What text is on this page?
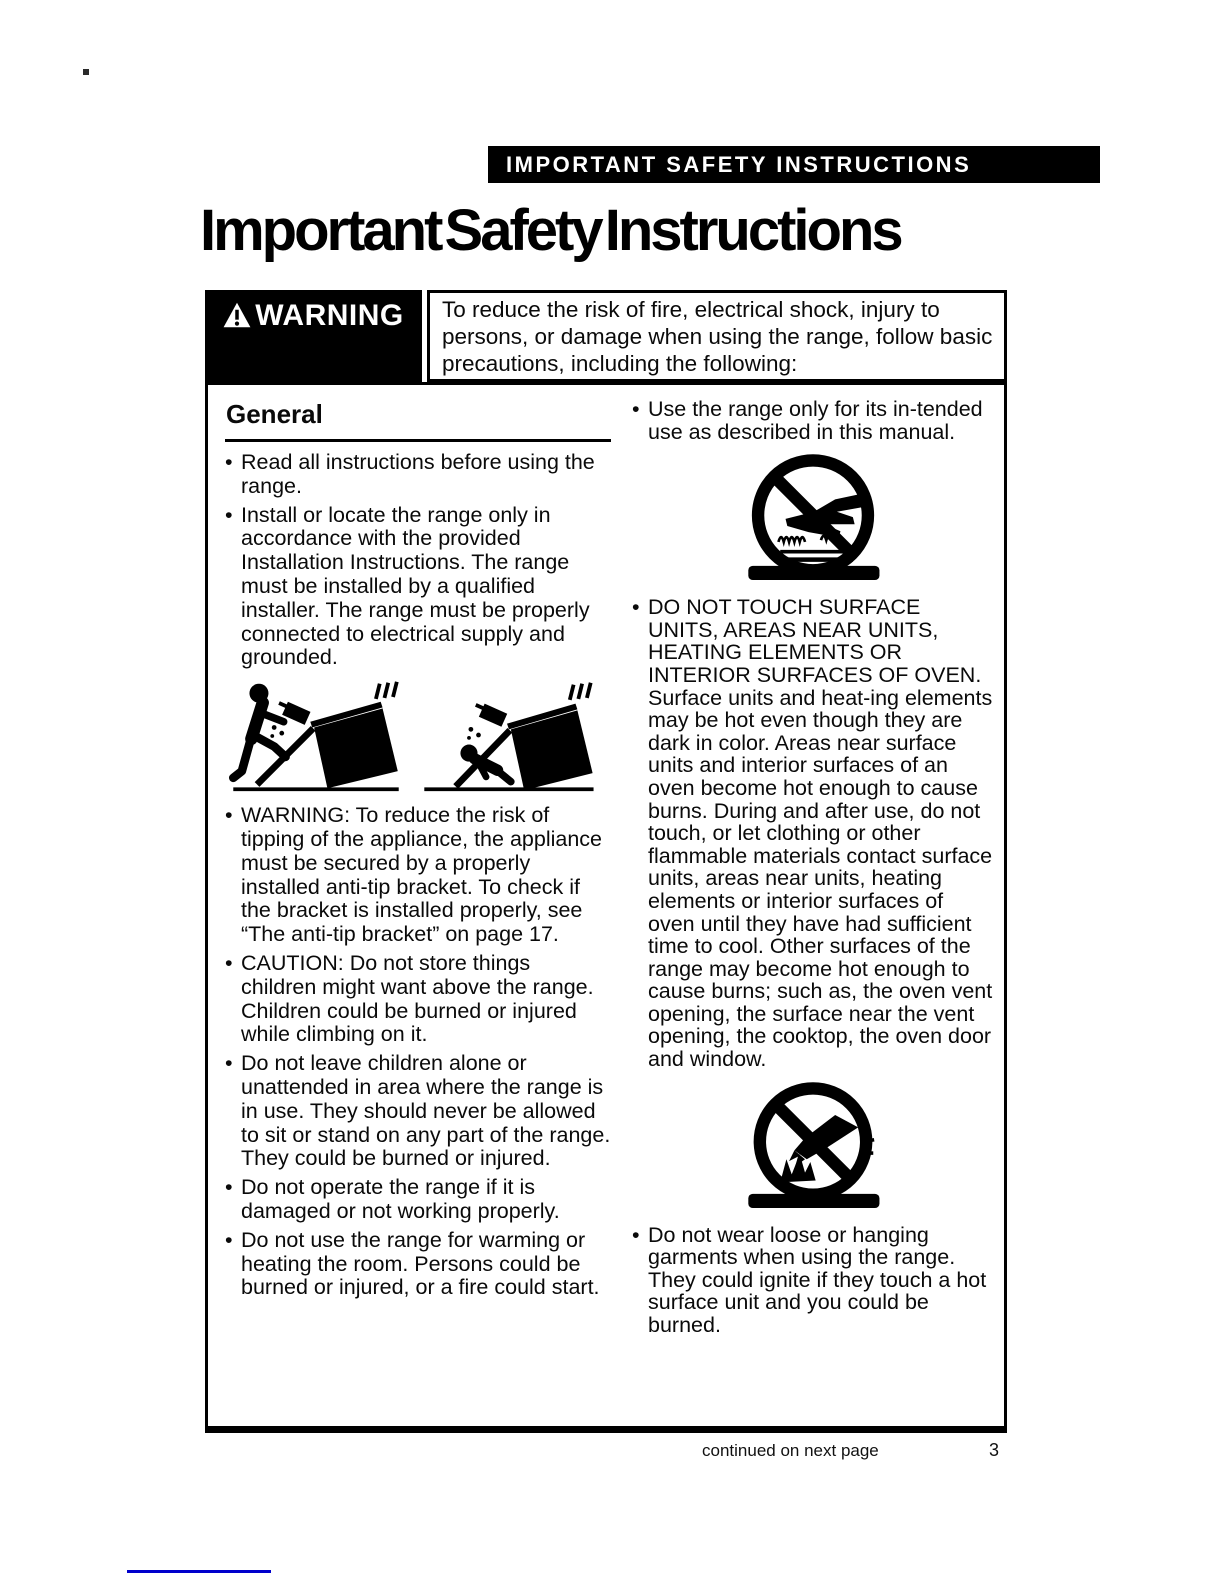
IMPORTANT SAFETY INSTRUCTIONS
Important Safety Instructions
WARNING	To reduce the risk of fire, electrical shock, injury to persons, or damage when using the range, follow basic precautions, including the following:
General

• Read all instructions before using the range.

• Install or locate the range only in accordance with the provided Installation Instructions. The range must be installed by a qualified installer. The range must be properly connected to electrical supply and grounded.

• WARNING: To reduce the risk of tipping of the appliance, the appliance must be secured by a properly installed anti-tip bracket. To check if the bracket is installed properly, see “The anti-tip bracket” on page 17.

• CAUTION: Do not store things children might want above the range. Children could be burned or injured while climbing on it.

• Do not leave children alone or unattended in area where the range is in use. They should never be allowed to sit or stand on any part of the range. They could be burned or injured.

• Do not operate the range if it is damaged or not working properly.

• Do not use the range for warming or heating the room. Persons could be burned or injured, or a fire could start.

• Use the range only for its in-tended use as described in this manual.

• DO NOT TOUCH SURFACE UNITS, AREAS NEAR UNITS, HEATING ELEMENTS OR INTERIOR SURFACES OF OVEN. Surface units and heat-ing elements may be hot even though they are dark in color. Areas near surface units and interior surfaces of an oven become hot enough to cause burns. During and after use, do not touch, or let clothing or other flammable materials contact surface units, areas near units, heating elements or interior surfaces of oven until they have had sufficient time to cool. Other surfaces of the range may become hot enough to cause burns; such as, the oven vent opening, the surface near the vent opening, the cooktop, the oven door and window.

• Do not wear loose or hanging garments when using the range. They could ignite if they touch a hot surface unit and you could be burned.

continued on next page	3
